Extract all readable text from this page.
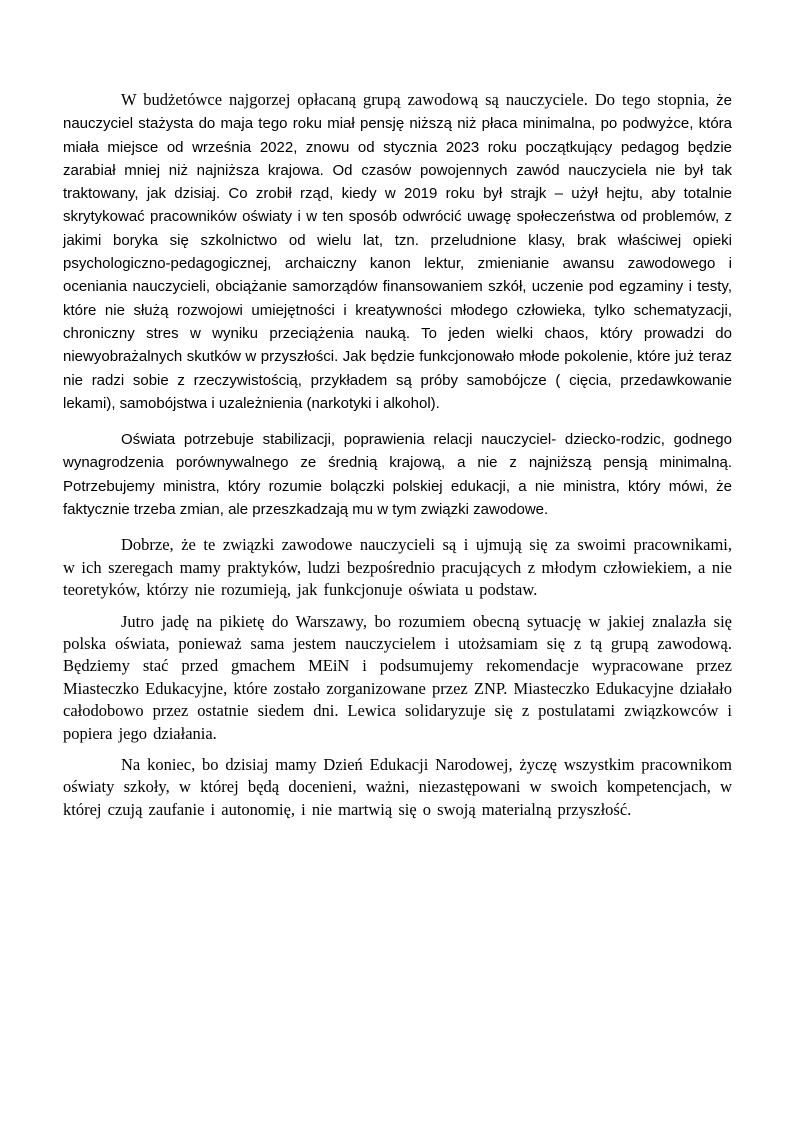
W budżetówce najgorzej opłacaną grupą zawodową są nauczyciele. Do tego stopnia, że nauczyciel stażysta do maja tego roku miał pensję niższą niż płaca minimalna, po podwyżce, która miała miejsce od września 2022, znowu od stycznia 2023 roku początkujący pedagog będzie zarabiał mniej niż najniższa krajowa. Od czasów powojennych zawód nauczyciela nie był tak traktowany, jak dzisiaj. Co zrobił rząd, kiedy w 2019 roku był strajk – użył hejtu, aby totalnie skrytykować pracowników oświaty i w ten sposób odwrócić uwagę społeczeństwa od problemów, z jakimi boryka się szkolnictwo od wielu lat, tzn. przeludnione klasy, brak właściwej opieki psychologiczno-pedagogicznej, archaiczny kanon lektur, zmienianie awansu zawodowego i oceniania nauczycieli, obciążanie samorządów finansowaniem szkół, uczenie pod egzaminy i testy, które nie służą rozwojowi umiejętności i kreatywności młodego człowieka, tylko schematyzacji, chroniczny stres w wyniku przeciążenia nauką. To jeden wielki chaos, który prowadzi do niewyobrażalnych skutków w przyszłości. Jak będzie funkcjonowało młode pokolenie, które już teraz nie radzi sobie z rzeczywistością, przykładem są próby samobójcze ( cięcia, przedawkowanie lekami), samobójstwa i uzależnienia (narkotyki i alkohol).

Oświata potrzebuje stabilizacji, poprawienia relacji nauczyciel- dziecko-rodzic, godnego wynagrodzenia porównywalnego ze średnią krajową, a nie z najniższą pensją minimalną. Potrzebujemy ministra, który rozumie bolączki polskiej edukacji, a nie ministra, który mówi, że faktycznie trzeba zmian, ale przeszkadzają mu w tym związki zawodowe.

Dobrze, że te związki zawodowe nauczycieli są i ujmują się za swoimi pracownikami, w ich szeregach mamy praktyków, ludzi bezpośrednio pracujących z młodym człowiekiem, a nie teoretyków, którzy nie rozumieją, jak funkcjonuje oświata u podstaw.

Jutro jadę na pikietę do Warszawy, bo rozumiem obecną sytuację w jakiej znalazła się polska oświata, ponieważ sama jestem nauczycielem i utożsamiam się z tą grupą zawodową. Będziemy stać przed gmachem MEiN i podsumujemy rekomendacje wypracowane przez Miasteczko Edukacyjne, które zostało zorganizowane przez ZNP. Miasteczko Edukacyjne działało całodobowo przez ostatnie siedem dni. Lewica solidaryzuje się z postulatami związkowców i popiera jego działania.

Na koniec, bo dzisiaj mamy Dzień Edukacji Narodowej, życzę wszystkim pracownikom oświaty szkoły, w której będą docenieni, ważni, niezastępowani w swoich kompetencjach, w której czują zaufanie i autonomię, i nie martwią się o swoją materialną przyszłość.
